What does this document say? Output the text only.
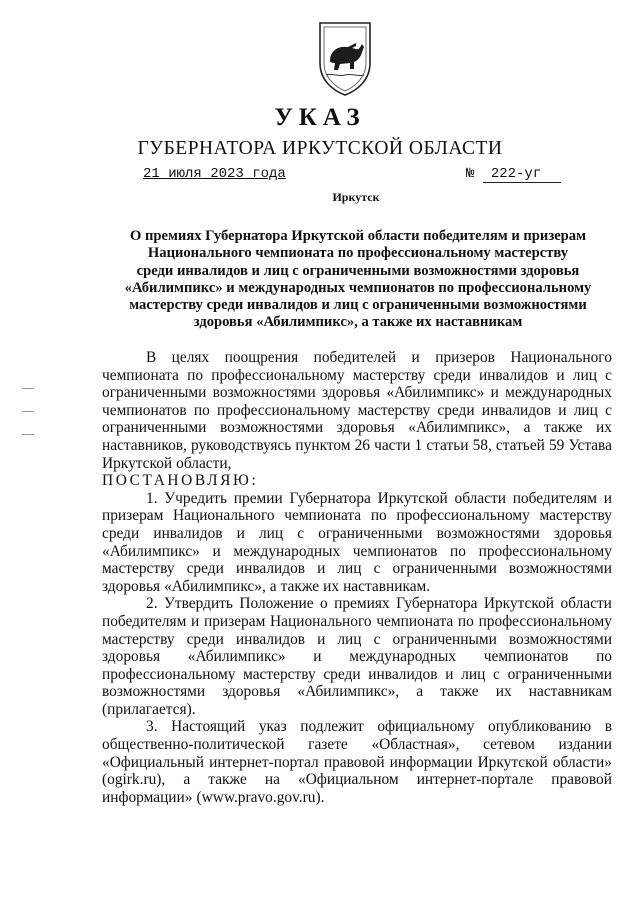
УКАЗ
ГУБЕРНАТОРА ИРКУТСКОЙ ОБЛАСТИ
21 июля 2023 года	№ 222-уг
Иркутск
О премиях Губернатора Иркутской области победителям и призерам
Национального чемпионата по профессиональному мастерству
среди инвалидов и лиц с ограниченными возможностями здоровья
«Абилимпикс» и международных чемпионатов по профессиональному
мастерству среди инвалидов и лиц с ограниченными возможностями
здоровья «Абилимпикс», а также их наставникам
В целях поощрения победителей и призеров Национального
чемпионата по профессиональному мастерству среди инвалидов и лиц с
ограниченными возможностями здоровья «Абилимпикс» и международных
чемпионатов по профессиональному мастерству среди инвалидов и лиц с
ограниченными возможностями здоровья «Абилимпикс», а также их
наставников, руководствуясь пунктом 26 части 1 статьи 58, статьей 59 Устава
Иркутской области,
ПОСТАНОВЛЯЮ:
1. Учредить премии Губернатора Иркутской области победителям и
призерам Национального чемпионата по профессиональному мастерству
среди инвалидов и лиц с ограниченными возможностями здоровья
«Абилимпикс» и международных чемпионатов по профессиональному
мастерству среди инвалидов и лиц с ограниченными возможностями
здоровья «Абилимпикс», а также их наставникам.
2. Утвердить Положение о премиях Губернатора Иркутской области
победителям и призерам Национального чемпионата по профессиональному
мастерству среди инвалидов и лиц с ограниченными возможностями
здоровья «Абилимпикс» и международных чемпионатов по
профессиональному мастерству среди инвалидов и лиц с ограниченными
возможностями здоровья «Абилимпикс», а также их наставникам
(прилагается).
3. Настоящий указ подлежит официальному опубликованию в
общественно-политической газете «Областная», сетевом издании
«Официальный интернет-портал правовой информации Иркутской области»
(ogirk.ru), а также на «Официальном интернет-портале правовой
информации» (www.pravo.gov.ru).
